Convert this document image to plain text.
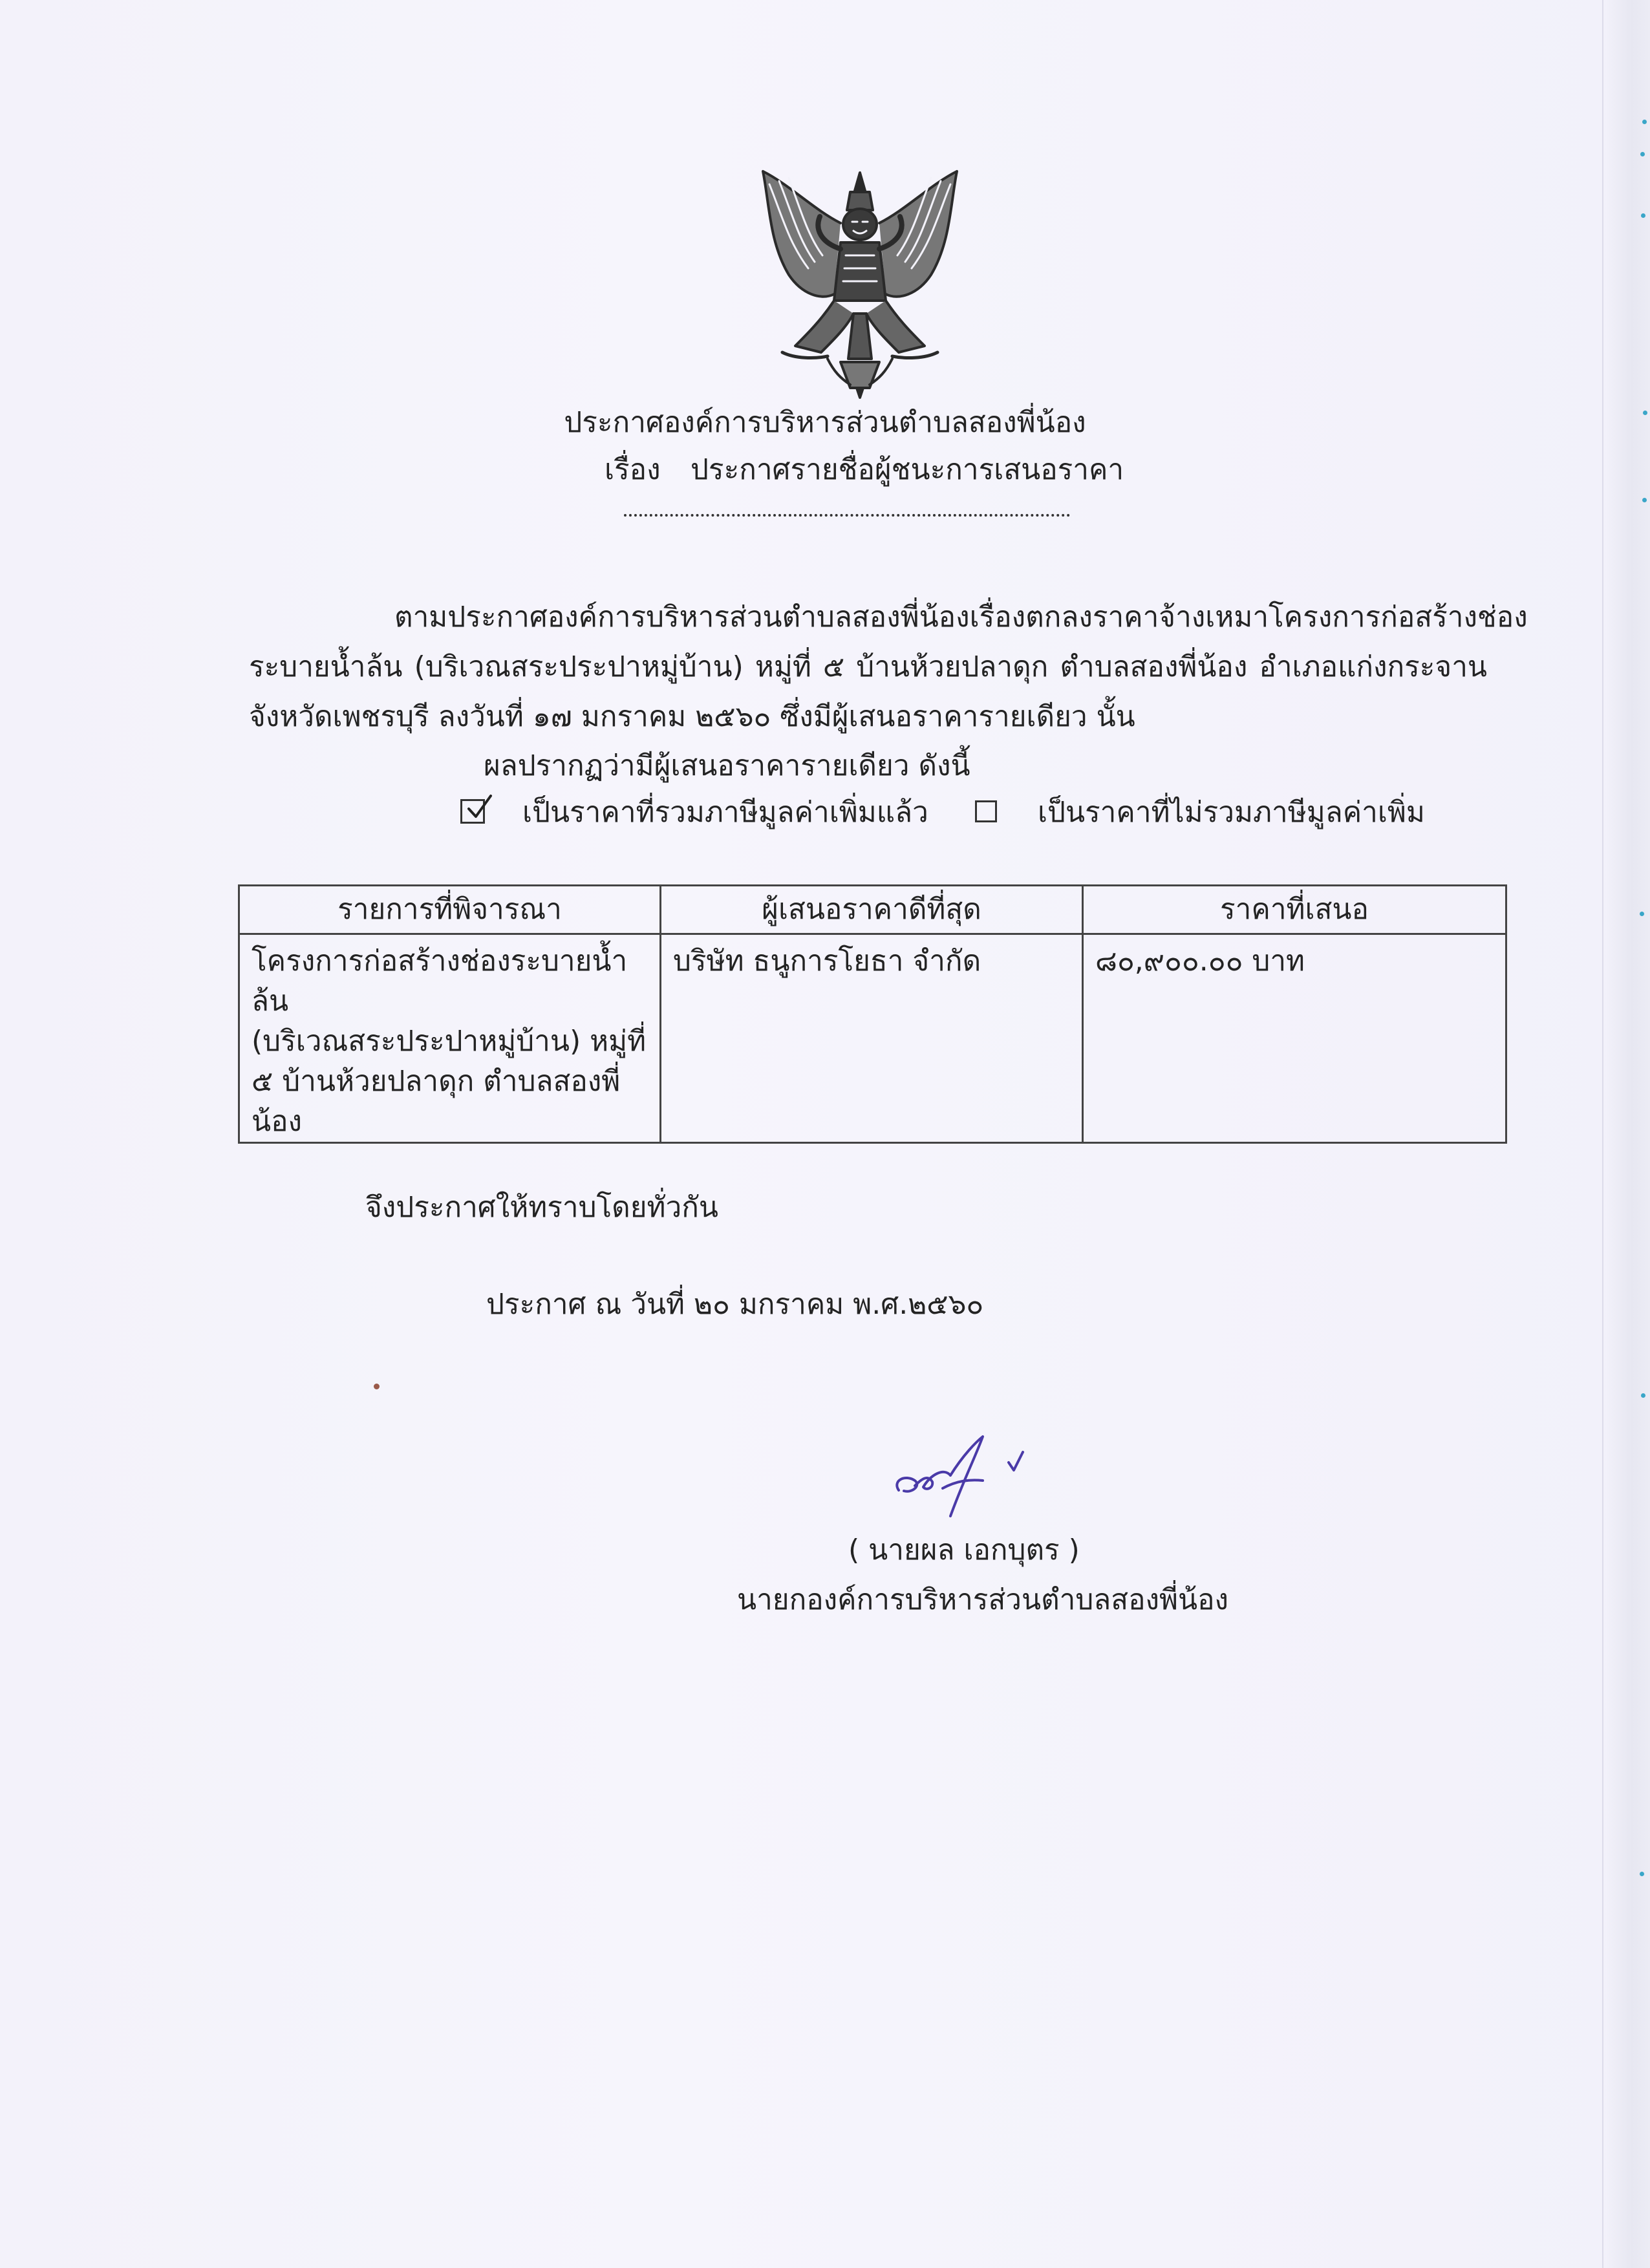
ประกาศองค์การบริหารส่วนตำบลสองพี่น้อง
เรื่อง ประกาศรายชื่อผู้ชนะการเสนอราคา
ตามประกาศองค์การบริหารส่วนตำบลสองพี่น้อง เรื่อง ตกลงราคาจ้างเหมาโครงการก่อสร้างช่อง
ระบายน้ำล้น (บริเวณสระประปาหมู่บ้าน) หมู่ที่ ๕ บ้านห้วยปลาดุก ตำบลสองพี่น้อง อำเภอแก่งกระจาน
จังหวัดเพชรบุรี ลงวันที่ ๑๗ มกราคม ๒๕๖๐ ซึ่งมีผู้เสนอราคารายเดียว นั้น
ผลปรากฏว่ามีผู้เสนอราคารายเดียว ดังนี้
เป็นราคาที่รวมภาษีมูลค่าเพิ่มแล้ว	เป็นราคาที่ไม่รวมภาษีมูลค่าเพิ่ม
รายการที่พิจารณา	ผู้เสนอราคาดีที่สุด	ราคาที่เสนอ

โครงการก่อสร้างช่องระบายน้ำล้น
(บริเวณสระประปาหมู่บ้าน) หมู่ที่
๕ บ้านห้วยปลาดุก ตำบลสองพี่
น้อง	บริษัท ธนูการโยธา จำกัด	๘๐,๙๐๐.๐๐ บาท
จึงประกาศให้ทราบโดยทั่วกัน
ประกาศ ณ วันที่ ๒๐ มกราคม พ.ศ.๒๕๖๐
( นายผล เอกบุตร )
นายกองค์การบริหารส่วนตำบลสองพี่น้อง
